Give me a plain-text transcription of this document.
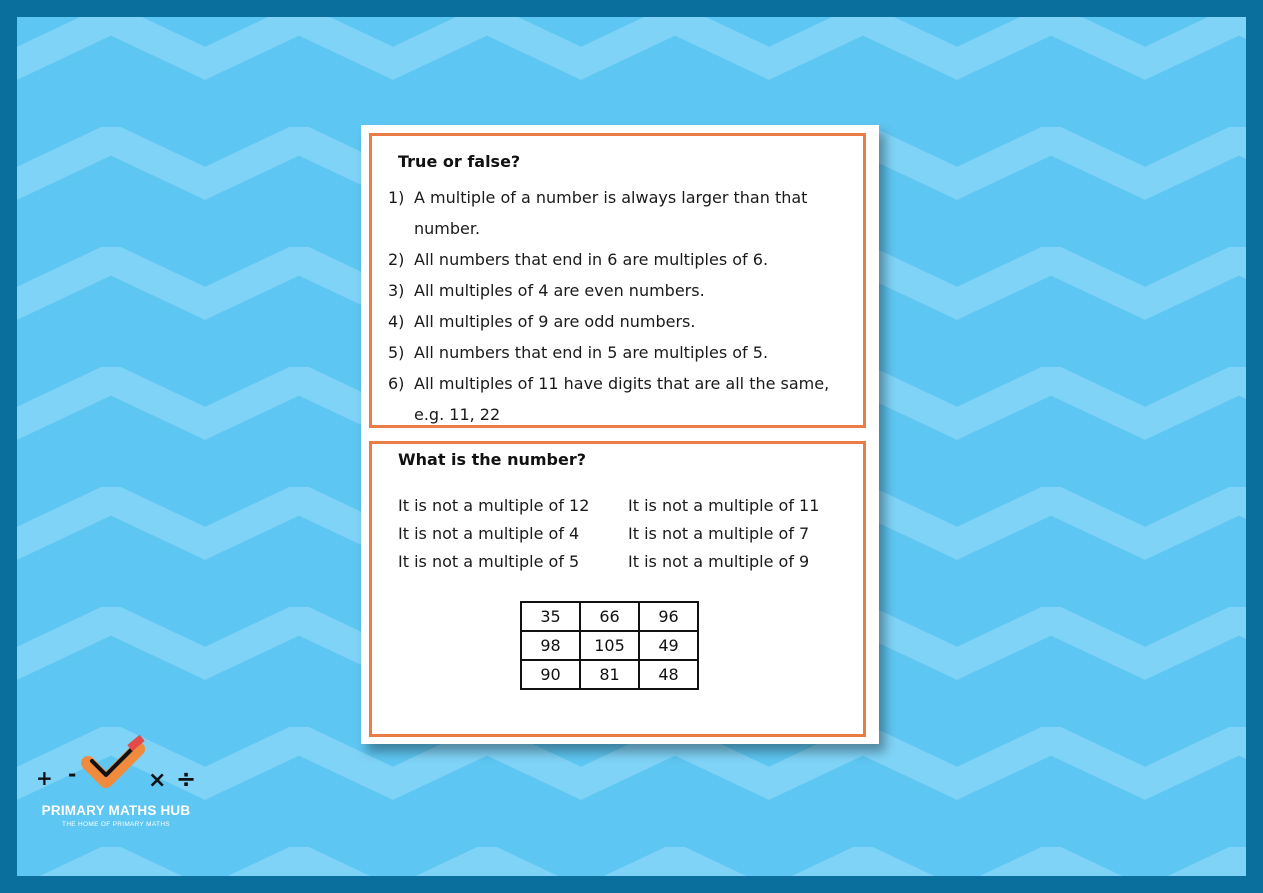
True or false?
1) A multiple of a number is always larger than that number.
2) All numbers that end in 6 are multiples of 6.
3) All multiples of 4 are even numbers.
4) All multiples of 9 are odd numbers.
5) All numbers that end in 5 are multiples of 5.
6) All multiples of 11 have digits that are all the same, e.g. 11, 22
What is the number?
It is not a multiple of 12	It is not a multiple of 11
It is not a multiple of 4	It is not a multiple of 7
It is not a multiple of 5	It is not a multiple of 9
35	66	96
98	105	49
90	81	48
+ -	× ÷
PRIMARY MATHS HUB
THE HOME OF PRIMARY MATHS
